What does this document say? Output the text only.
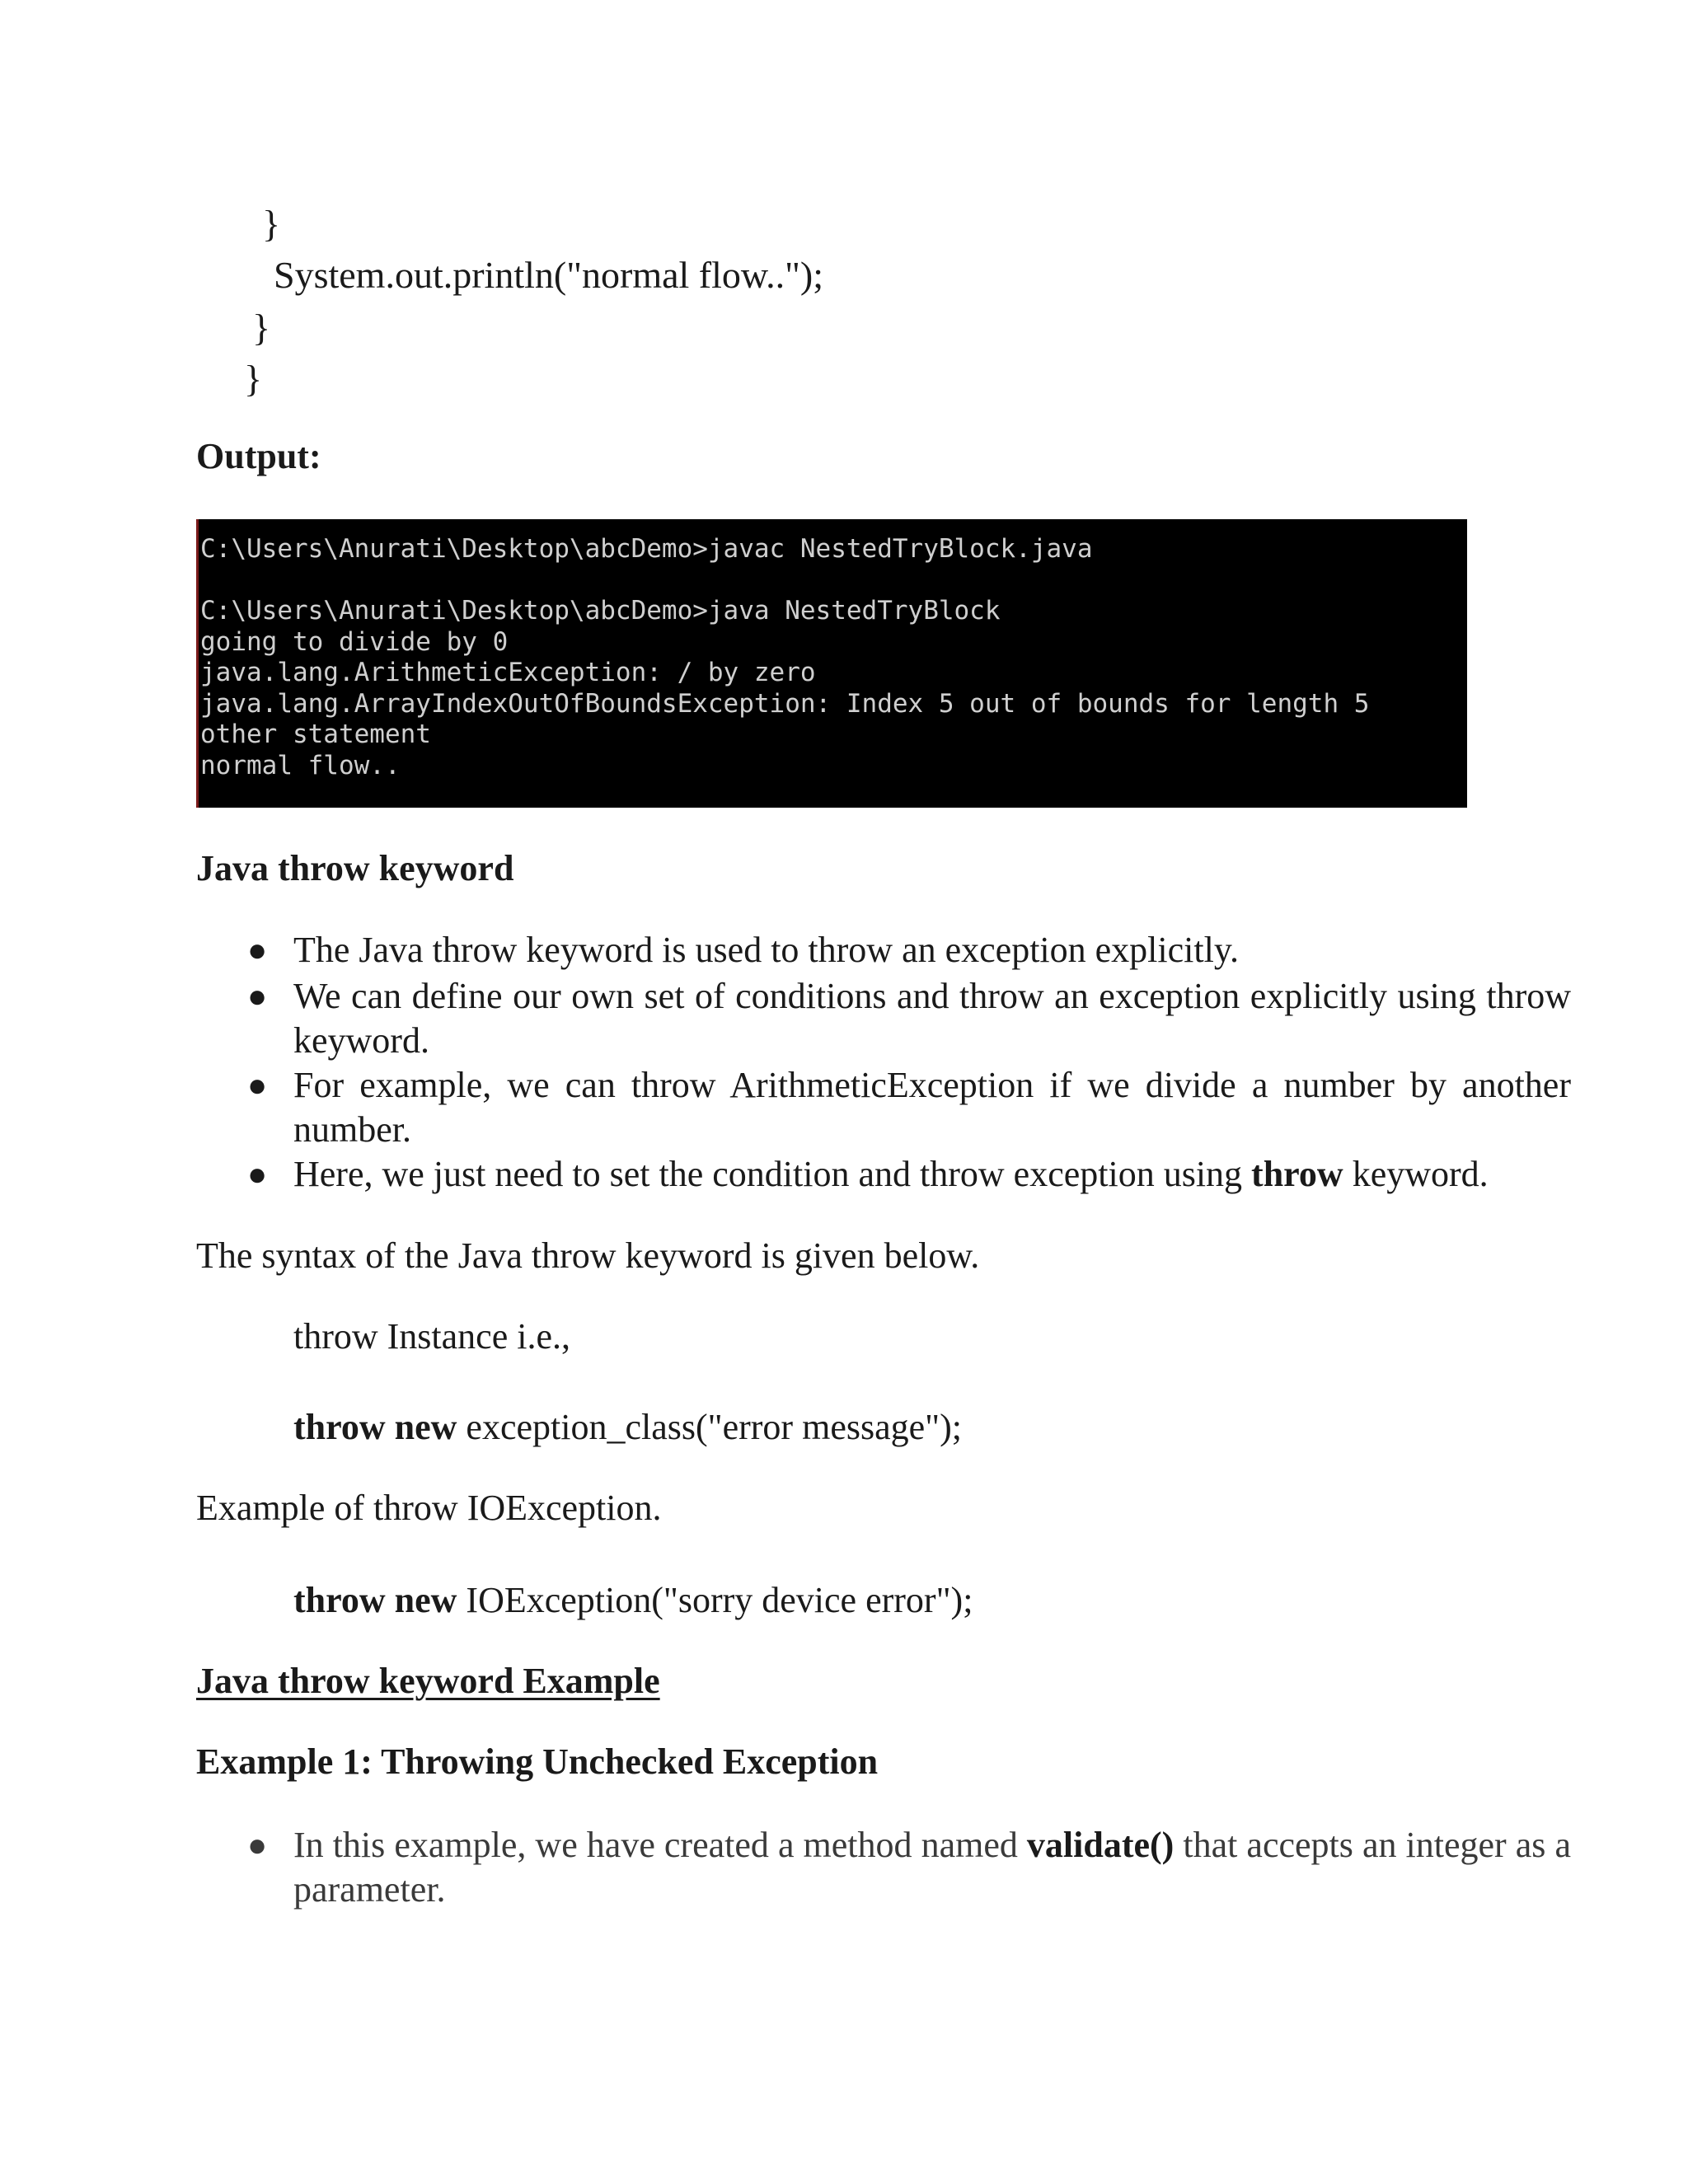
}
System.out.println("normal flow..");
}
}
Output:
C:\Users\Anurati\Desktop\abcDemo>javac NestedTryBlock.java
C:\Users\Anurati\Desktop\abcDemo>java NestedTryBlock
going to divide by 0
java.lang.ArithmeticException: / by zero
java.lang.ArrayIndexOutOfBoundsException: Index 5 out of bounds for length 5
other statement
normal flow..
Java throw keyword
● The Java throw keyword is used to throw an exception explicitly.
● We can define our own set of conditions and throw an exception explicitly using throw keyword.
● For example, we can throw ArithmeticException if we divide a number by another number.
● Here, we just need to set the condition and throw exception using throw keyword.
The syntax of the Java throw keyword is given below.
throw Instance i.e.,
throw new exception_class("error message");
Example of throw IOException.
throw new IOException("sorry device error");
Java throw keyword Example
Example 1: Throwing Unchecked Exception
● In this example, we have created a method named validate() that accepts an integer as a parameter.
